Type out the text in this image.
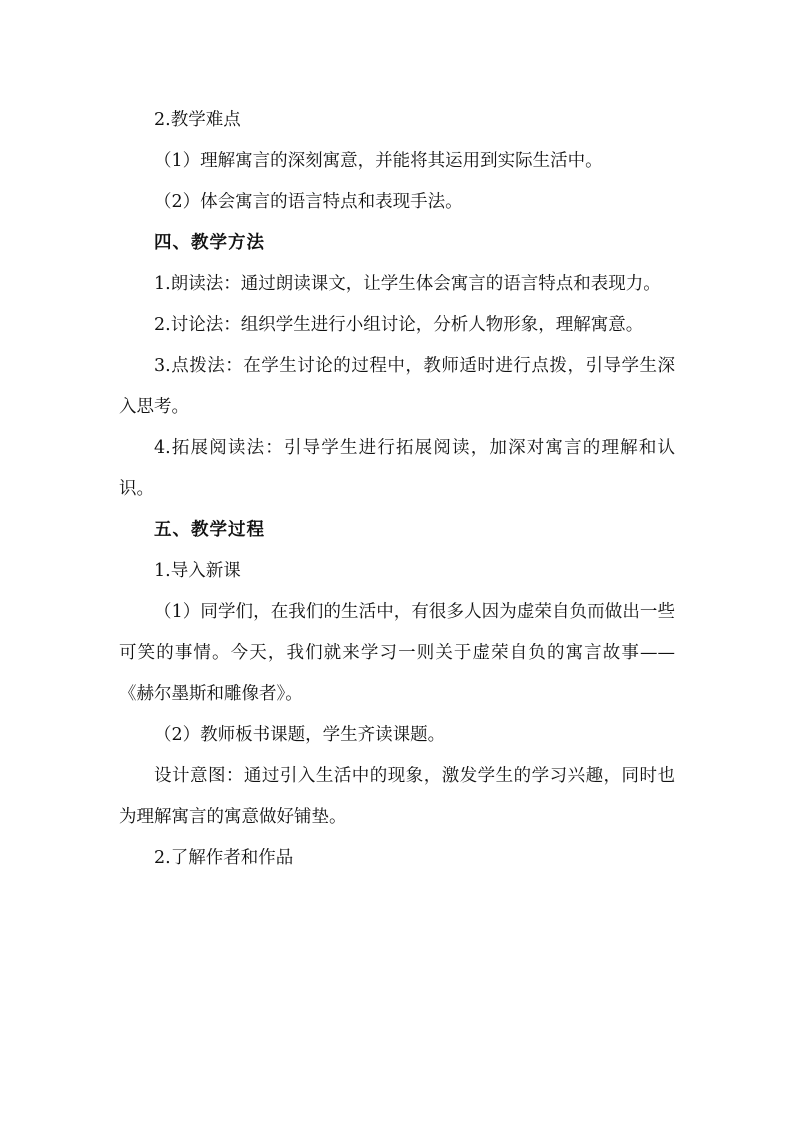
2.教学难点

（1）理解寓言的深刻寓意，并能将其运用到实际生活中。

（2）体会寓言的语言特点和表现手法。

四、教学方法

1.朗读法：通过朗读课文，让学生体会寓言的语言特点和表现力。

2.讨论法：组织学生进行小组讨论，分析人物形象，理解寓意。

3.点拨法：在学生讨论的过程中，教师适时进行点拨，引导学生深入思考。

4.拓展阅读法：引导学生进行拓展阅读，加深对寓言的理解和认识。

五、教学过程

1.导入新课

（1）同学们，在我们的生活中，有很多人因为虚荣自负而做出一些可笑的事情。今天，我们就来学习一则关于虚荣自负的寓言故事——《赫尔墨斯和雕像者》。

（2）教师板书课题，学生齐读课题。

设计意图：通过引入生活中的现象，激发学生的学习兴趣，同时也为理解寓言的寓意做好铺垫。

2.了解作者和作品
